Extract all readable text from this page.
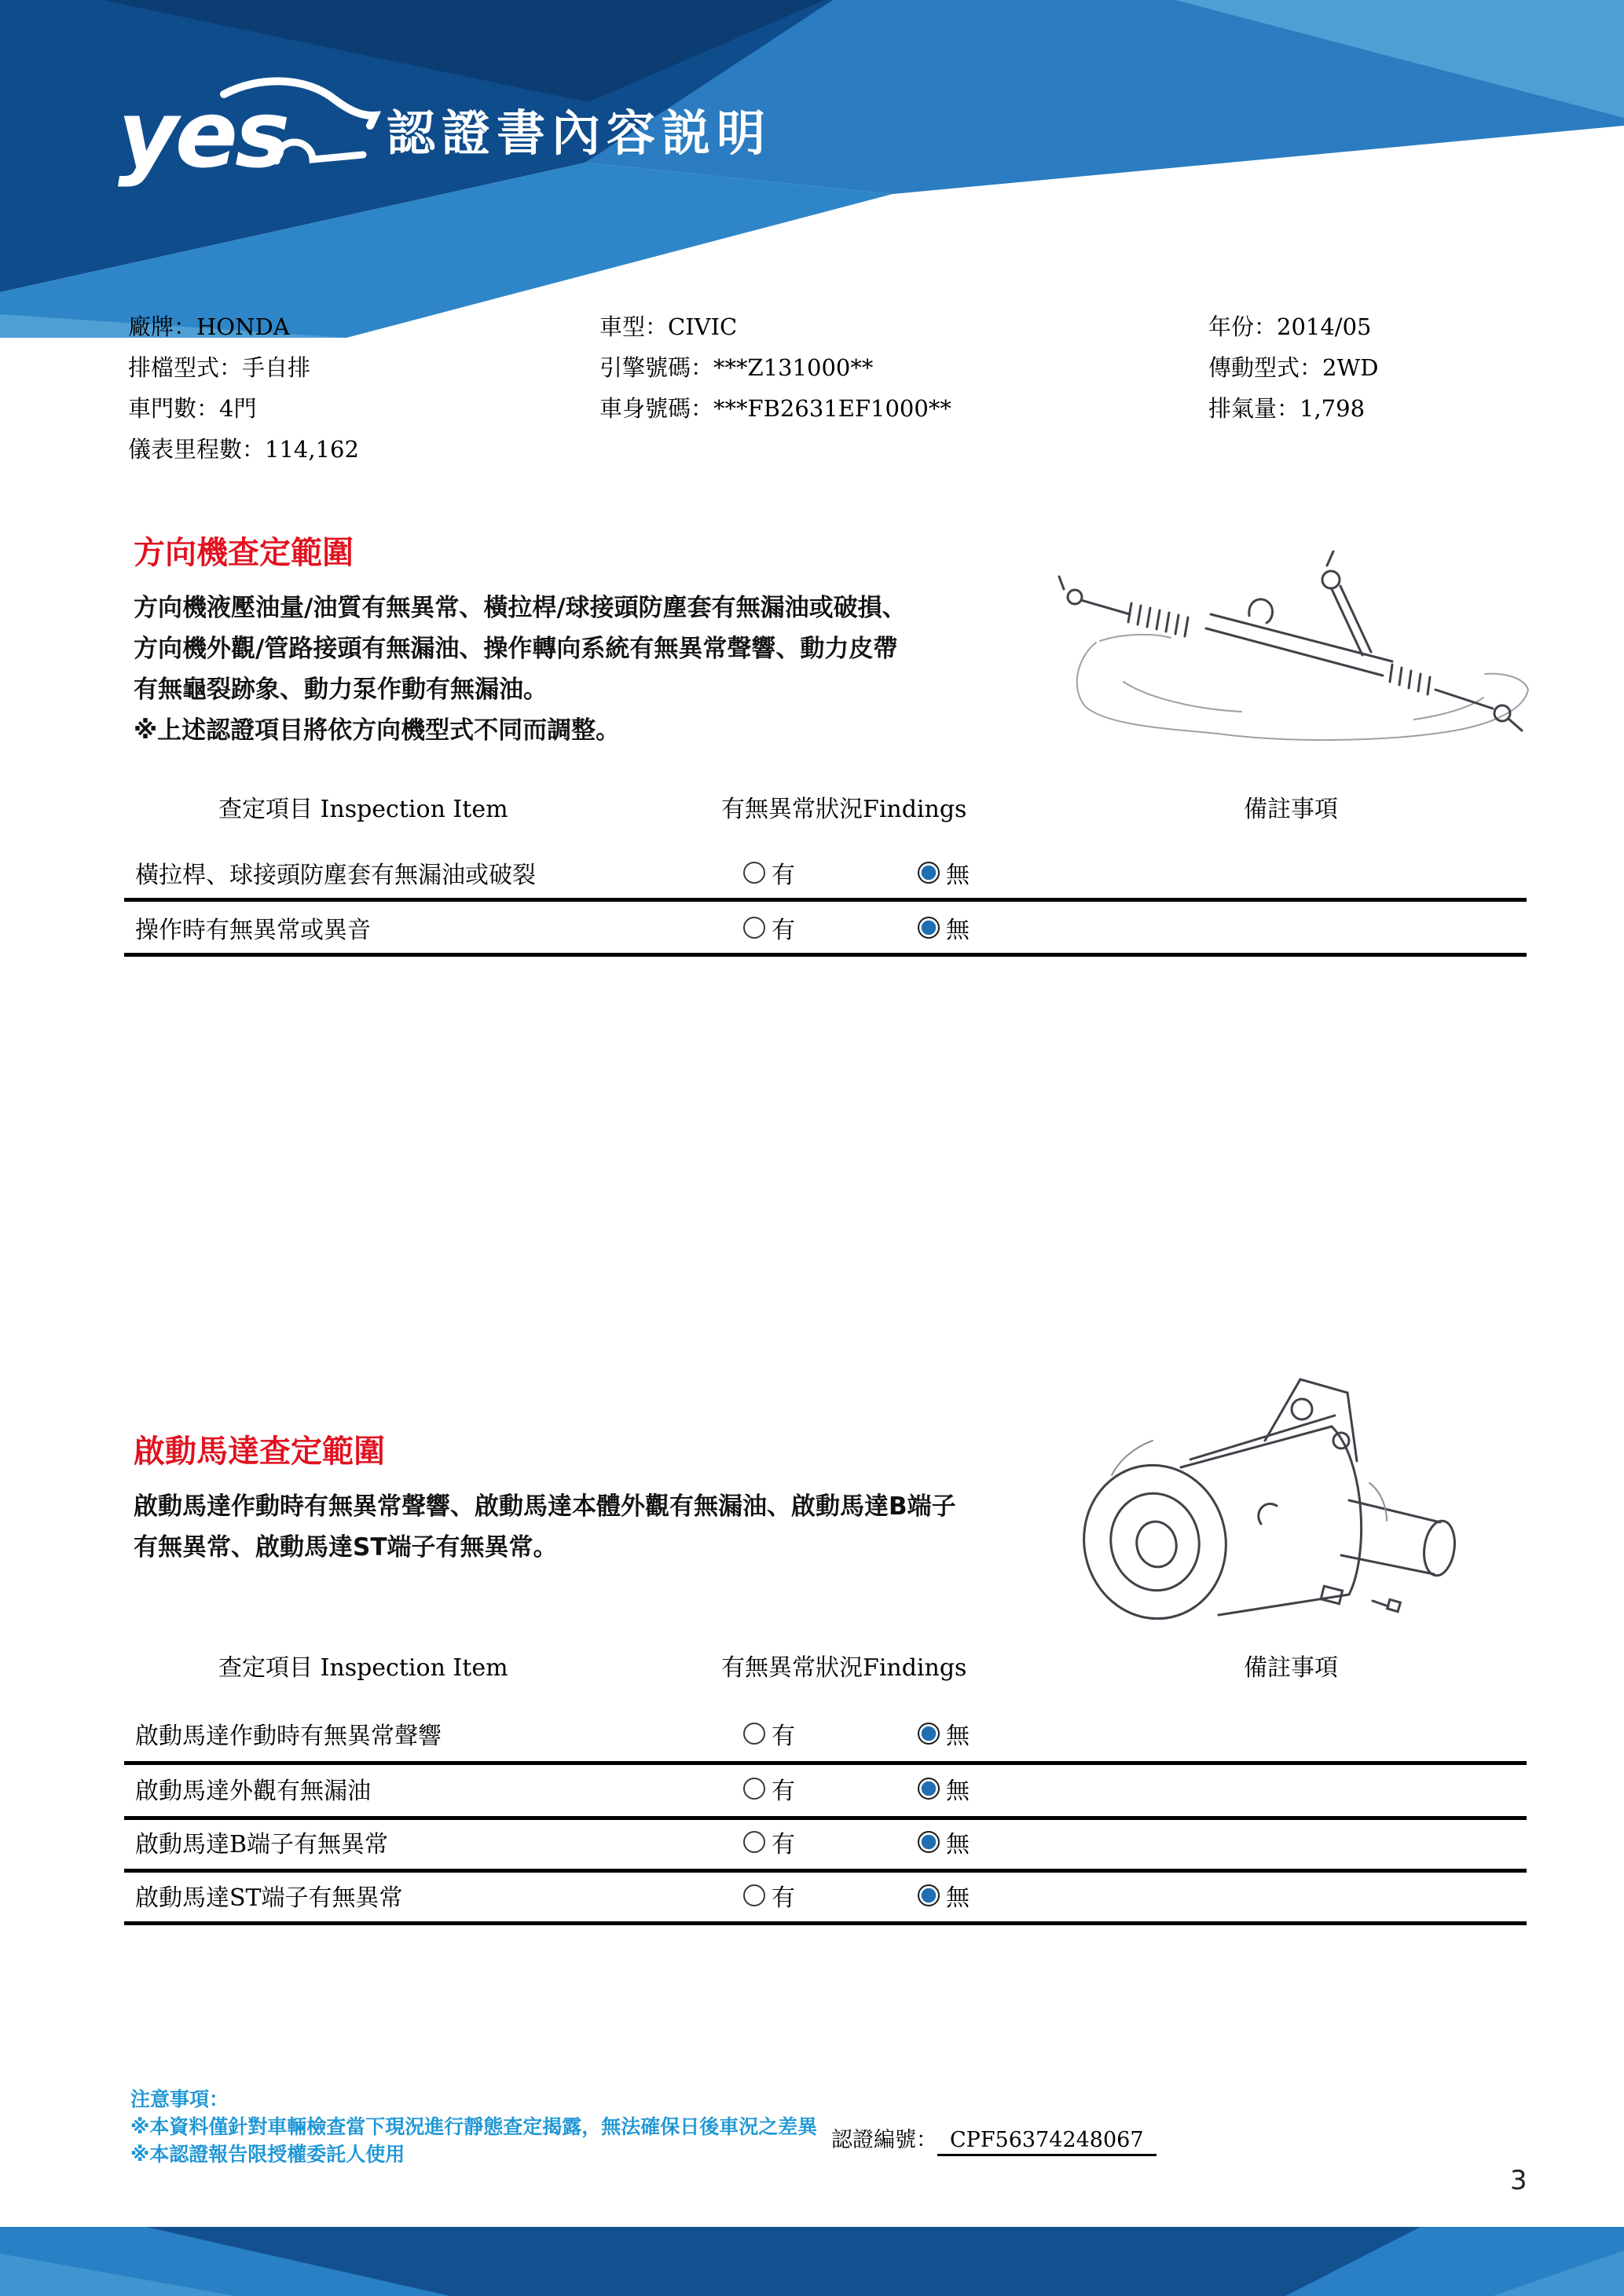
yes 認證書內容説明
廠牌：HONDA
排檔型式：手自排
車門數：4門
儀表里程數：114,162
車型：CIVIC
引擎號碼：***Z131000**
車身號碼：***FB2631EF1000**
年份：2014/05
傳動型式：2WD
排氣量：1,798
方向機查定範圍
方向機液壓油量/油質有無異常、橫拉桿/球接頭防塵套有無漏油或破損、
方向機外觀/管路接頭有無漏油、操作轉向系統有無異常聲響、動力皮帶
有無龜裂跡象、動力泵作動有無漏油。
※上述認證項目將依方向機型式不同而調整。
查定項目 Inspection Item	有無異常狀況Findings	備註事項
橫拉桿、球接頭防塵套有無漏油或破裂	有	無
操作時有無異常或異音	有	無
啟動馬達查定範圍
啟動馬達作動時有無異常聲響、啟動馬達本體外觀有無漏油、啟動馬達B端子
有無異常、啟動馬達ST端子有無異常。
查定項目 Inspection Item	有無異常狀況Findings	備註事項
啟動馬達作動時有無異常聲響	有	無
啟動馬達外觀有無漏油	有	無
啟動馬達B端子有無異常	有	無
啟動馬達ST端子有無異常	有	無
注意事項：
※本資料僅針對車輛檢查當下現況進行靜態查定揭露，無法確保日後車況之差異
※本認證報告限授權委託人使用
認證編號： CPF56374248067
3
